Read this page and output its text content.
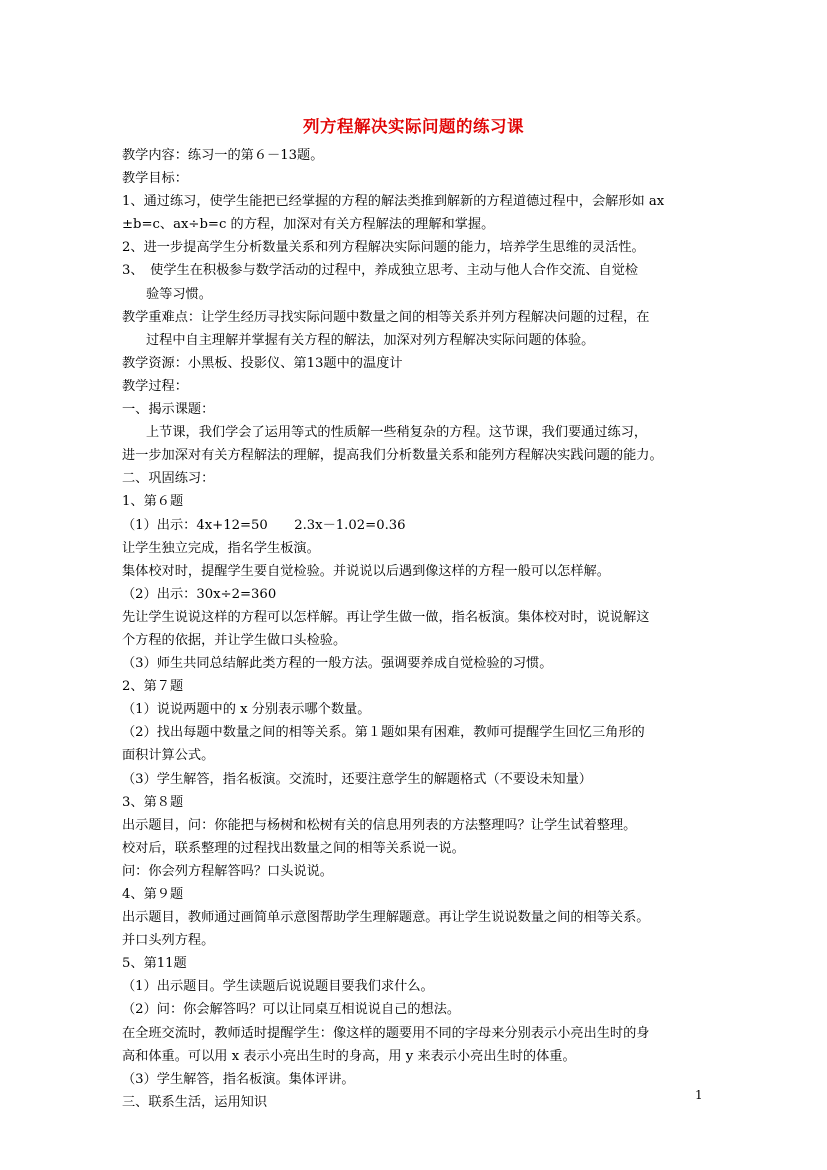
列方程解决实际问题的练习课
教学内容：练习一的第６－13题。
教学目标：
1、通过练习，使学生能把已经掌握的方程的解法类推到解新的方程道德过程中，会解形如 ax
±b=c、ax÷b=c 的方程，加深对有关方程解法的理解和掌握。
2、进一步提高学生分析数量关系和列方程解决实际问题的能力，培养学生思维的灵活性。
3、　使学生在积极参与数学活动的过程中，养成独立思考、主动与他人合作交流、自觉检
验等习惯。
教学重难点：让学生经历寻找实际问题中数量之间的相等关系并列方程解决问题的过程，在
过程中自主理解并掌握有关方程的解法，加深对列方程解决实际问题的体验。
教学资源：小黑板、投影仪、第13题中的温度计
教学过程：
一、揭示课题：
上节课，我们学会了运用等式的性质解一些稍复杂的方程。这节课，我们要通过练习，
进一步加深对有关方程解法的理解，提高我们分析数量关系和能列方程解决实践问题的能力。
二、巩固练习：
1、第６题
（1）出示：4x+12=50　　2.3x－1.02=0.36
让学生独立完成，指名学生板演。
集体校对时，提醒学生要自觉检验。并说说以后遇到像这样的方程一般可以怎样解。
（2）出示：30x÷2=360
先让学生说说这样的方程可以怎样解。再让学生做一做，指名板演。集体校对时，说说解这
个方程的依据，并让学生做口头检验。
（3）师生共同总结解此类方程的一般方法。强调要养成自觉检验的习惯。
2、第７题
（1）说说两题中的 x 分别表示哪个数量。
（2）找出每题中数量之间的相等关系。第１题如果有困难，教师可提醒学生回忆三角形的
面积计算公式。
（3）学生解答，指名板演。交流时，还要注意学生的解题格式（不要设未知量）
3、第８题
出示题目，问：你能把与杨树和松树有关的信息用列表的方法整理吗？让学生试着整理。
校对后，联系整理的过程找出数量之间的相等关系说一说。
问：你会列方程解答吗？口头说说。
4、第９题
出示题目，教师通过画简单示意图帮助学生理解题意。再让学生说说数量之间的相等关系。
并口头列方程。
5、第11题
（1）出示题目。学生读题后说说题目要我们求什么。
（2）问：你会解答吗？可以让同桌互相说说自己的想法。
在全班交流时，教师适时提醒学生：像这样的题要用不同的字母来分别表示小亮出生时的身
高和体重。可以用 x 表示小亮出生时的身高，用 y 来表示小亮出生时的体重。
（3）学生解答，指名板演。集体评讲。
三、联系生活，运用知识	1
